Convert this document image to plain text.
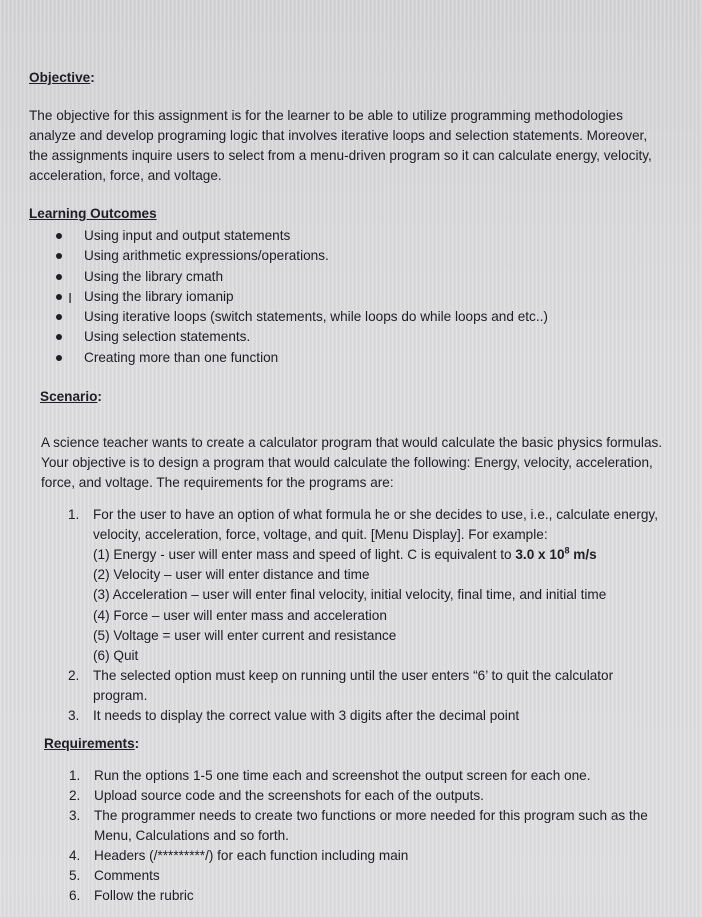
Objective:
The objective for this assignment is for the learner to be able to utilize programming methodologies
analyze and develop programing logic that involves iterative loops and selection statements. Moreover,
the assignments inquire users to select from a menu-driven program so it can calculate energy, velocity,
acceleration, force, and voltage.
Learning Outcomes
Using input and output statements
Using arithmetic expressions/operations.
Using the library cmath
I Using the library iomanip
Using iterative loops (switch statements, while loops do while loops and etc..)
Using selection statements.
Creating more than one function
Scenario:
A science teacher wants to create a calculator program that would calculate the basic physics formulas.
Your objective is to design a program that would calculate the following: Energy, velocity, acceleration,
force, and voltage. The requirements for the programs are:
1. For the user to have an option of what formula he or she decides to use, i.e., calculate energy,
velocity, acceleration, force, voltage, and quit. [Menu Display]. For example:
(1) Energy - user will enter mass and speed of light. C is equivalent to 3.0 x $10^8$ m/s
(2) Velocity – user will enter distance and time
(3) Acceleration – user will enter final velocity, initial velocity, final time, and initial time
(4) Force – user will enter mass and acceleration
(5) Voltage = user will enter current and resistance
(6) Quit
2. The selected option must keep on running until the user enters “6’ to quit the calculator
program.
3. It needs to display the correct value with 3 digits after the decimal point
Requirements:
1. Run the options 1-5 one time each and screenshot the output screen for each one.
2. Upload source code and the screenshots for each of the outputs.
3. The programmer needs to create two functions or more needed for this program such as the
Menu, Calculations and so forth.
4. Headers (/*********/) for each function including main
5. Comments
6. Follow the rubric
